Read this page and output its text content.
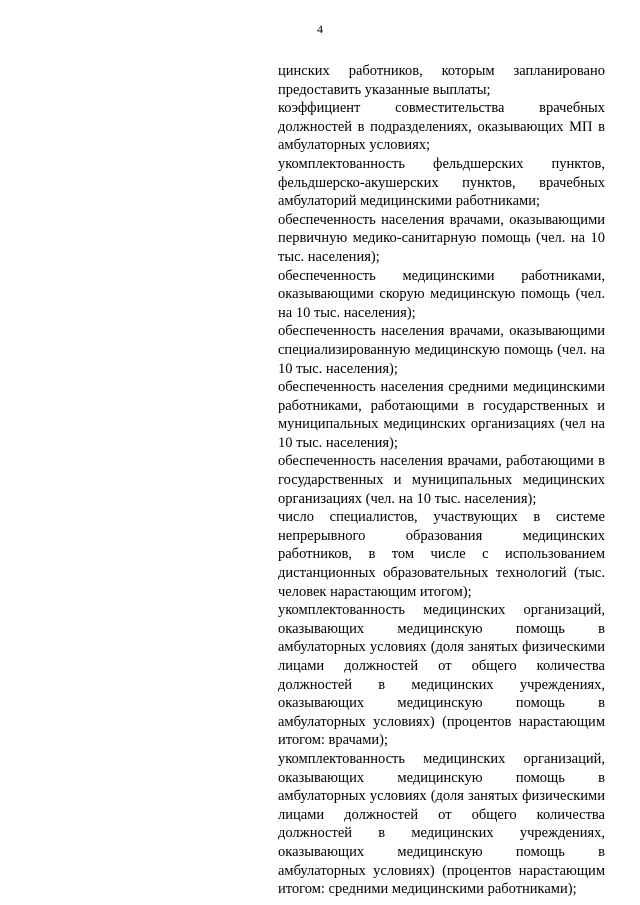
4

цинских работников, которым запланировано предоставить указанные выплаты;

коэффициент совместительства врачебных должностей в подразделениях, оказывающих МП в амбулаторных условиях;

укомплектованность фельдшерских пунктов, фельдшерско-акушерских пунктов, врачебных амбулаторий медицинскими работниками;

обеспеченность населения врачами, оказывающими первичную медико-санитарную помощь (чел. на 10 тыс. населения);

обеспеченность медицинскими работниками, оказывающими скорую медицинскую помощь (чел. на 10 тыс. населения);

обеспеченность населения врачами, оказывающими специализированную медицинскую помощь (чел. на 10 тыс. населения);

обеспеченность населения средними медицинскими работниками, работающими в государственных и муниципальных медицинских организациях (чел на 10 тыс. населения);

обеспеченность населения врачами, работающими в государственных и муниципальных медицинских организациях (чел. на 10 тыс. населения);

число специалистов, участвующих в системе непрерывного образования медицинских работников, в том числе с использованием дистанционных образовательных технологий (тыс. человек нарастающим итогом);

укомплектованность медицинских организаций, оказывающих медицинскую помощь в амбулаторных условиях (доля занятых физическими лицами должностей от общего количества должностей в медицинских учреждениях, оказывающих медицинскую помощь в амбулаторных условиях) (процентов нарастающим итогом: врачами);

укомплектованность медицинских организаций, оказывающих медицинскую помощь в амбулаторных условиях (доля занятых физическими лицами должностей от общего количества должностей в медицинских учреждениях, оказывающих медицинскую помощь в амбулаторных условиях) (процентов нарастающим итогом: средними медицинскими работниками);
